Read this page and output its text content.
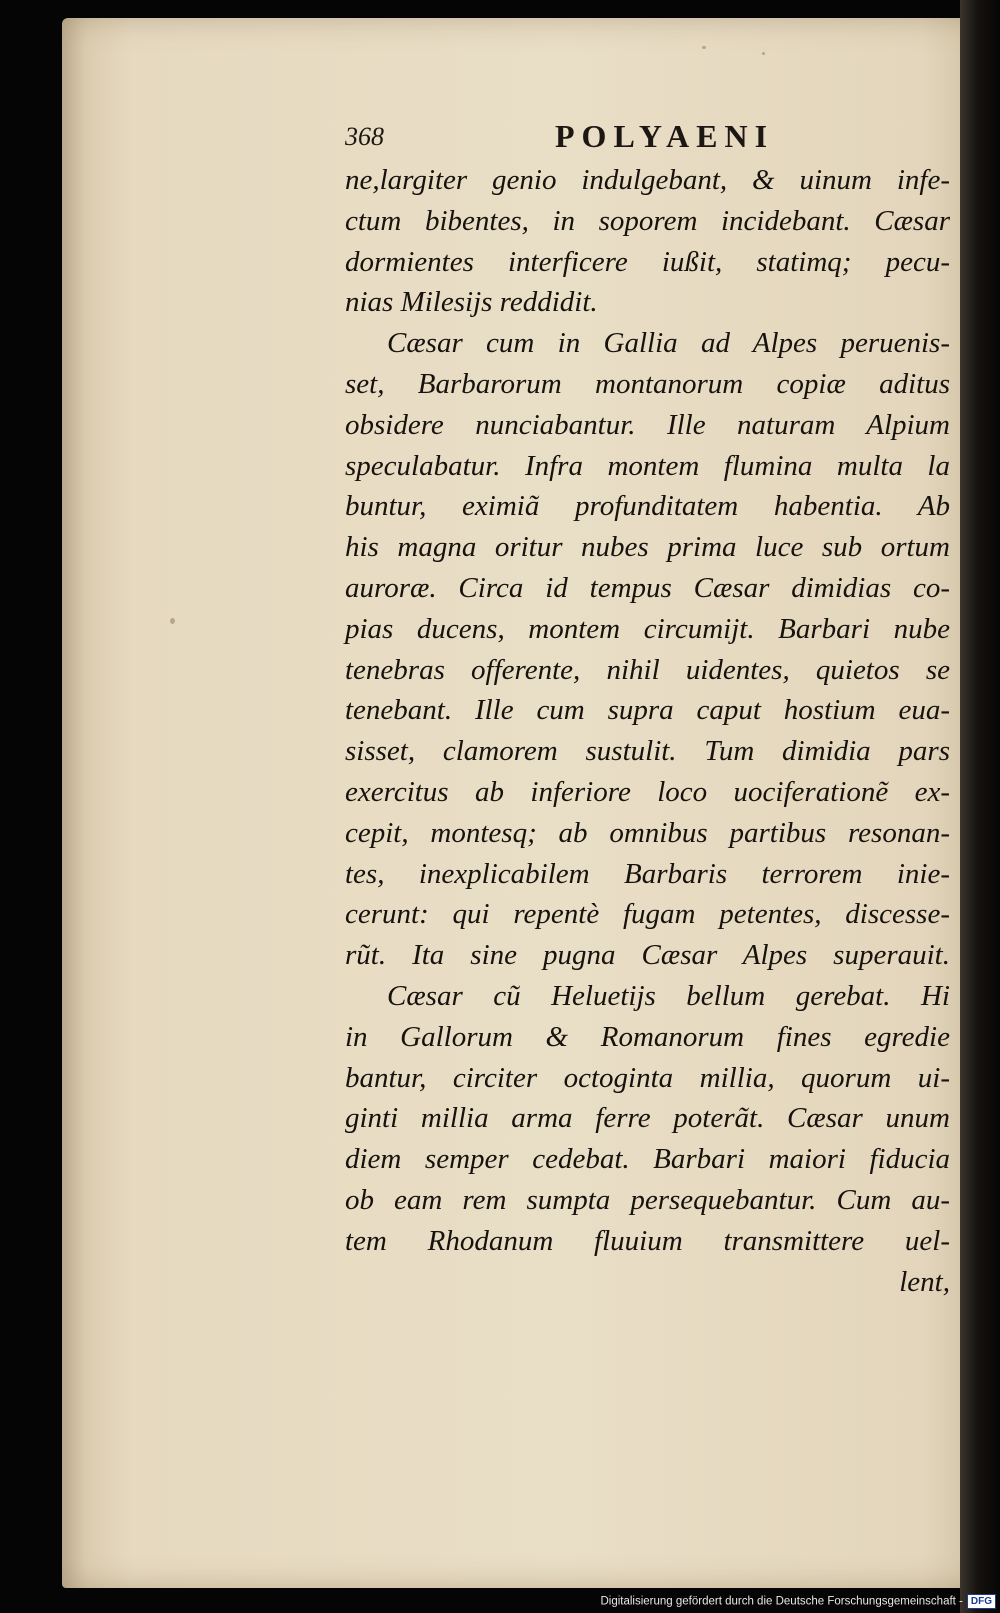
368	POLYAENI
ne,largiter genio indulgebant, & uinum infe-
ctum bibentes, in soporem incidebant. Cæsar
dormientes interficere iußit, statimq; pecu-
nias Milesijs reddidit.
Cæsar cum in Gallia ad Alpes peruenis-
set, Barbarorum montanorum copiæ aditus
obsidere nunciabantur. Ille naturam Alpium
speculabatur. Infra montem flumina multa la
buntur, eximiã profunditatem habentia. Ab
his magna oritur nubes prima luce sub ortum
auroræ. Circa id tempus Cæsar dimidias co-
pias ducens, montem circumijt. Barbari nube
tenebras offerente, nihil uidentes, quietos se
tenebant. Ille cum supra caput hostium eua-
sisset, clamorem sustulit. Tum dimidia pars
exercitus ab inferiore loco uociferationẽ ex-
cepit, montesq; ab omnibus partibus resonan-
tes, inexplicabilem Barbaris terrorem inie-
cerunt: qui repentè fugam petentes, discesse-
rũt. Ita sine pugna Cæsar Alpes superauit.
Cæsar cũ Heluetijs bellum gerebat. Hi
in Gallorum & Romanorum fines egredie
bantur, circiter octoginta millia, quorum ui-
ginti millia arma ferre poterãt. Cæsar unum
diem semper cedebat. Barbari maiori fiducia
ob eam rem sumpta persequebantur. Cum au-
tem Rhodanum fluuium transmittere uel-
lent,
Digitalisierung gefördert durch die Deutsche Forschungsgemeinschaft - DFG
